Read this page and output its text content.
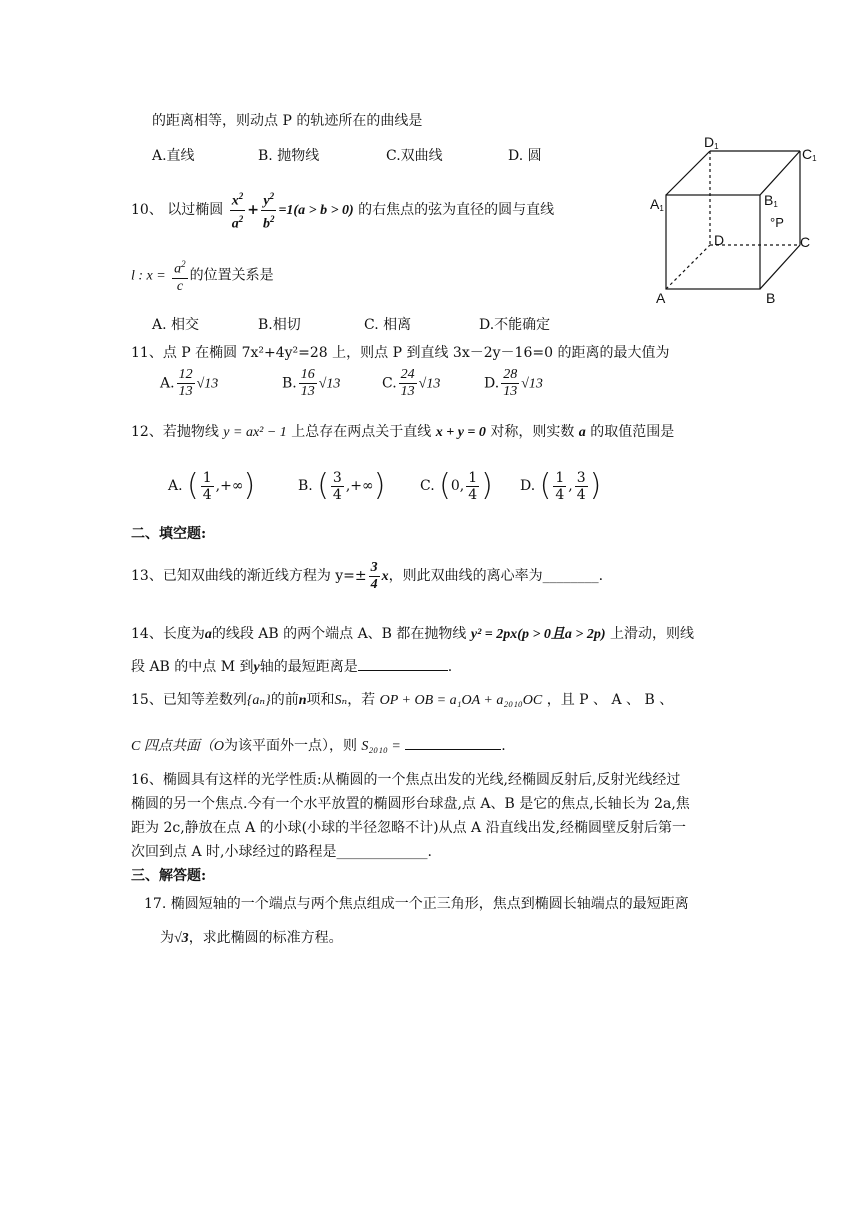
的距离相等，则动点 P 的轨迹所在的曲线是
A.直线	B. 抛物线	C.双曲线	D. 圆
D1	C1
A1
B1
°P
D	C
A	B
10、 以过椭圆 $\frac{x^2}{a^2} + \frac{y^2}{b^2} =1(a > b > 0)$ 的右焦点的弦为直径的圆与直线
l : $x = \frac{a^2}{c}$ 的位置关系是
A. 相交	B.相切	C. 相离	D.不能确定
11、点 P 在椭圆 7x²+4y²=28 上，则点 P 到直线 3x－2y－16=0 的距离的最大值为
A. $\frac{12}{13} √13$	B. $\frac{16}{13} √13$	C. $\frac{24}{13} √13$	D. $\frac{28}{13} √13$
12、若抛物线 y = ax² − 1 上总存在两点关于直线 x + y = 0 对称，则实数 a 的取值范围是
A. ( $\frac{1}{4}$ ,+∞)	B. ( $\frac{3}{4}$ ,+∞) C. (0, $\frac{1}{4}$ ) D. ( $\frac{1}{4}$ , $\frac{3}{4}$ )
二、填空题:
13、已知双曲线的渐近线方程为 $y=\pm \frac{3}{4}$ x，则此双曲线的离心率为________.
14、长度为a的线段 AB 的两个端点 A、B 都在抛物线 y² = 2px(p > 0且a > 2p) 上滑动，则线
段 AB 的中点 M 到y轴的最短距离是	.
15、已知等差数列{aₙ}的前n项和Sₙ，若 OP + OB = a₁OA + a₂₀₁₀OC ，且 P 、 A 、 B 、
C 四点共面（O为该平面外一点），则 S₂₀₁₀ =	.
16、椭圆具有这样的光学性质:从椭圆的一个焦点出发的光线,经椭圆反射后,反射光线经过
椭圆的另一个焦点.今有一个水平放置的椭圆形台球盘,点 A、B 是它的焦点,长轴长为 2a,焦
距为 2c,静放在点 A 的小球(小球的半径忽略不计)从点 A 沿直线出发,经椭圆壁反射后第一
次回到点 A 时,小球经过的路程是_____________.
三、解答题:
17. 椭圆短轴的一个端点与两个焦点组成一个正三角形，焦点到椭圆长轴端点的最短距离
为√3，求此椭圆的标准方程。
